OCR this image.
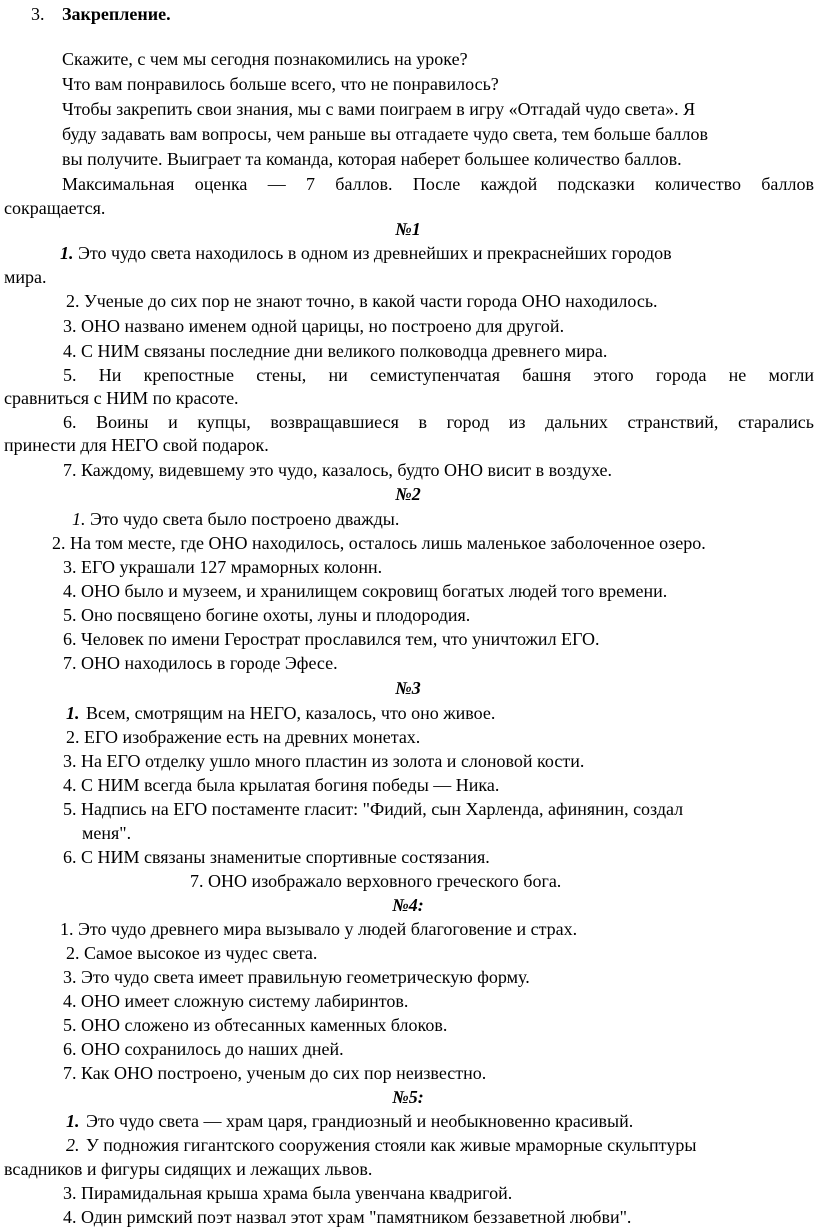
3. Закрепление.
Скажите, с чем мы сегодня познакомились на уроке?
Что вам понравилось больше всего, что не понравилось?
Чтобы закрепить свои знания, мы с вами поиграем в игру «Отгадай чудо света». Я
буду задавать вам вопросы, чем раньше вы отгадаете чудо света, тем больше баллов
вы получите. Выиграет та команда, которая наберет большее количество баллов.
Максимальная оценка — 7 баллов. После каждой подсказки количество баллов
сокращается.
№1
1. Это чудо света находилось в одном из древнейших и прекраснейших городов
мира.
2. Ученые до сих пор не знают точно, в какой части города ОНО находилось.
3. ОНО названо именем одной царицы, но построено для другой.
4. С НИМ связаны последние дни великого полководца древнего мира.
5. Ни крепостные стены, ни семиступенчатая башня этого города не могли
сравниться с НИМ по красоте.
6. Воины и купцы, возвращавшиеся в город из дальних странствий, старались
принести для НЕГО свой подарок.
7. Каждому, видевшему это чудо, казалось, будто ОНО висит в воздухе.
№2
1. Это чудо света было построено дважды.
2. На том месте, где ОНО находилось, осталось лишь маленькое заболоченное озеро.
3. ЕГО украшали 127 мраморных колонн.
4. ОНО было и музеем, и хранилищем сокровищ богатых людей того времени.
5. Оно посвящено богине охоты, луны и плодородия.
6. Человек по имени Герострат прославился тем, что уничтожил ЕГО.
7. ОНО находилось в городе Эфесе.
№3
1. Всем, смотрящим на НЕГО, казалось, что оно живое.
2. ЕГО изображение есть на древних монетах.
3. На ЕГО отделку ушло много пластин из золота и слоновой кости.
4. С НИМ всегда была крылатая богиня победы — Ника.
5. Надпись на ЕГО постаменте гласит: "Фидий, сын Харленда, афинянин, создал
меня".
6. С НИМ связаны знаменитые спортивные состязания.
7. ОНО изображало верховного греческого бога.
№4:
1. Это чудо древнего мира вызывало у людей благоговение и страх.
2. Самое высокое из чудес света.
3. Это чудо света имеет правильную геометрическую форму.
4. ОНО имеет сложную систему лабиринтов.
5. ОНО сложено из обтесанных каменных блоков.
6. ОНО сохранилось до наших дней.
7. Как ОНО построено, ученым до сих пор неизвестно.
№5:
1. Это чудо света — храм царя, грандиозный и необыкновенно красивый.
2. У подножия гигантского сооружения стояли как живые мраморные скульптуры
всадников и фигуры сидящих и лежащих львов.
3. Пирамидальная крыша храма была увенчана квадригой.
4. Один римский поэт назвал этот храм "памятником беззаветной любви".
